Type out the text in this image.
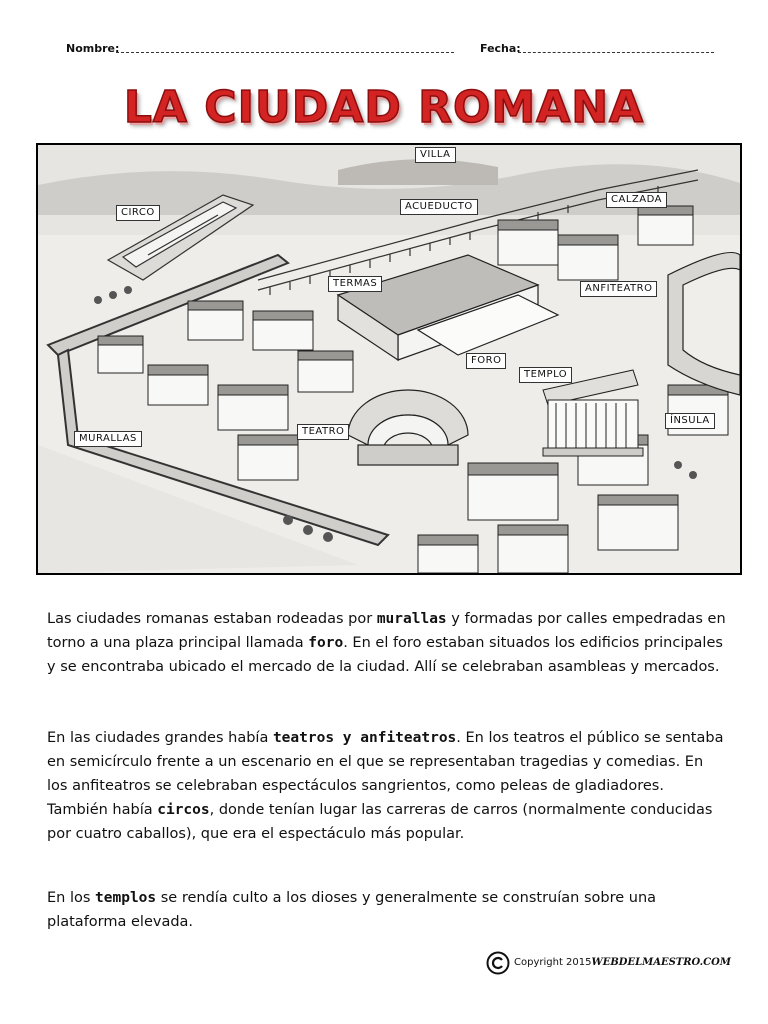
Nombre:	Fecha:
LA CIUDAD ROMANA
VILLA
CIRCO
ACUEDUCTO
CALZADA
TERMAS	ANFITEATRO
FORO
TEMPLO
ÍNSULA
MURALLAS
TEATRO
Las ciudades romanas estaban rodeadas por murallas y formadas por calles empedradas en torno a una plaza principal llamada foro. En el foro estaban situados los edificios principales y se encontraba ubicado el mercado de la ciudad. Allí se celebraban asambleas y mercados.
En las ciudades grandes había teatros y anfiteatros. En los teatros el público se sentaba en semicírculo frente a un escenario en el que se representaban tragedias y comedias. En los anfiteatros se celebraban espectáculos sangrientos, como peleas de gladiadores. También había circos, donde tenían lugar las carreras de carros (normalmente conducidas por cuatro caballos), que era el espectáculo más popular.
En los templos se rendía culto a los dioses y generalmente se construían sobre una plataforma elevada.
Copyright 2015WEBDELMAESTRO.COM
